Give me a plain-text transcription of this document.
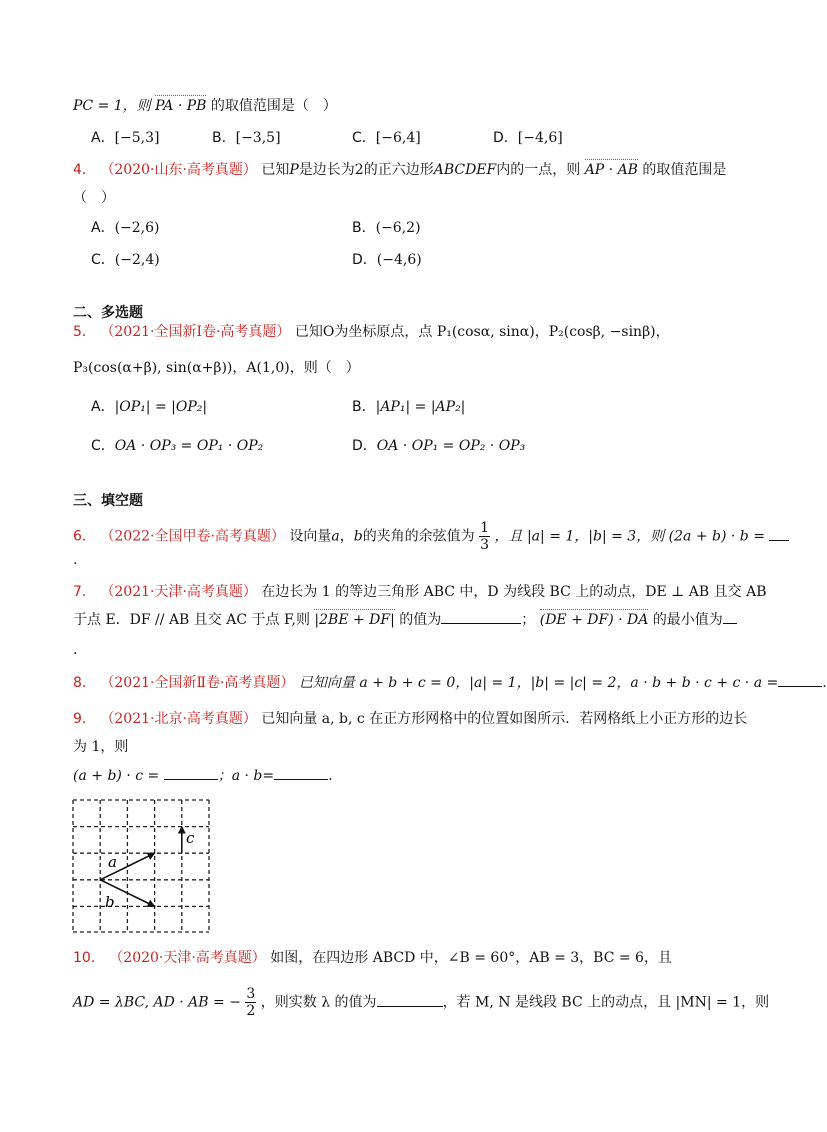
PC = 1，则 PA · PB 的取值范围是（　）
A．[−5,3]	B．[−3,5]	C．[−6,4]	D．[−4,6]
4． （2020·山东·高考真题） 已知P是边长为2的正六边形ABCDEF内的一点，则 AP · AB 的取值范围是
（　）
A．(−2,6)	B．(−6,2)
C．(−2,4)	D．(−4,6)
二、多选题
5． （2021·全国新Ⅰ卷·高考真题） 已知O为坐标原点，点 P₁(cosα, sinα)，P₂(cosβ, −sinβ)，
P₃(cos(α+β), sin(α+β))，A(1,0)，则（　）
A．|OP₁| = |OP₂|	B．|AP₁| = |AP₂|
C．OA · OP₃ = OP₁ · OP₂	D．OA · OP₁ = OP₂ · OP₃
三、填空题
6． （2022·全国甲卷·高考真题） 设向量a，b的夹角的余弦值为 $\frac{1}{3}$ ，且 |a| = 1，|b| = 3，则 (2a + b) · b =
.
7． （2021·天津·高考真题） 在边长为 1 的等边三角形 ABC 中，D 为线段 BC 上的动点，DE ⊥ AB 且交 AB
于点 E．DF // AB 且交 AC 于点 F,则 |2BE + DF| 的值为	； (DE + DF) · DA 的最小值为
.
8． （2021·全国新Ⅱ卷·高考真题） 已知向量 a + b + c = 0，|a| = 1，|b| = |c| = 2，a · b + b · c + c · a =	.
9． （2021·北京·高考真题） 已知向量 a, b, c 在正方形网格中的位置如图所示．若网格纸上小正方形的边长
为 1，则
(a + b) · c =	；a · b=	.
a
b
c
10． （2020·天津·高考真题） 如图，在四边形 ABCD 中，∠B = 60°，AB = 3，BC = 6，且
AD = λBC, AD · AB = − $\frac{3}{2}$ ，则实数 λ 的值为	，若 M, N 是线段 BC 上的动点，且 |MN| = 1，则
